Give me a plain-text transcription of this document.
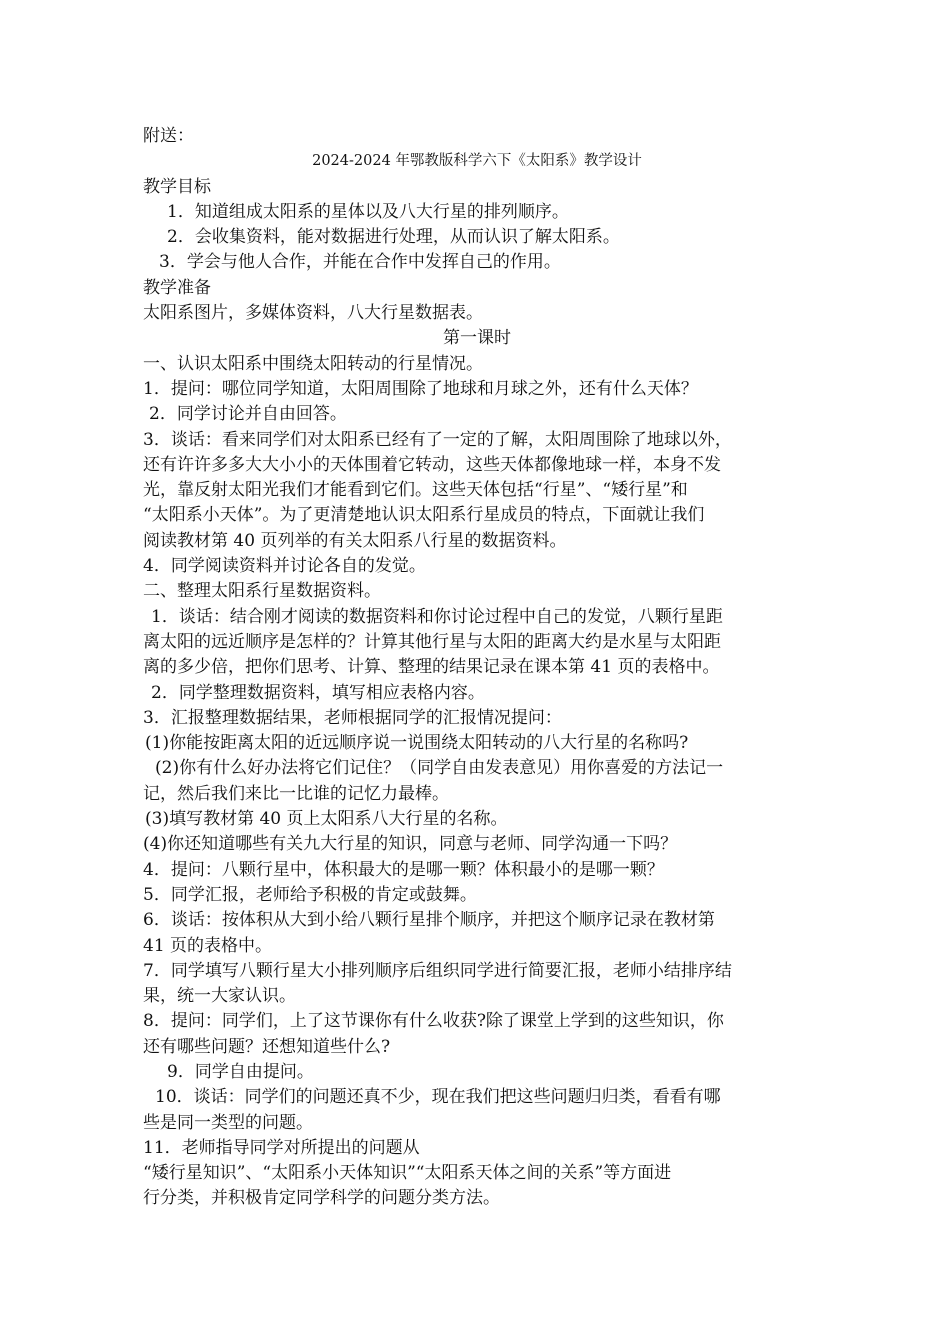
附送：
2024-2024 年鄂教版科学六下《太阳系》教学设计
教学目标
1．知道组成太阳系的星体以及八大行星的排列顺序。
2．会收集资料，能对数据进行处理，从而认识了解太阳系。
3．学会与他人合作，并能在合作中发挥自己的作用。
教学准备
太阳系图片，多媒体资料，八大行星数据表。
第一课时
一、认识太阳系中围绕太阳转动的行星情况。
1．提问：哪位同学知道，太阳周围除了地球和月球之外，还有什么天体？
2．同学讨论并自由回答。
3．谈话：看来同学们对太阳系已经有了一定的了解，太阳周围除了地球以外，
还有许许多多大大小小的天体围着它转动，这些天体都像地球一样，本身不发
光，靠反射太阳光我们才能看到它们。这些天体包括“行星”、“矮行星”和
“太阳系小天体”。为了更清楚地认识太阳系行星成员的特点，下面就让我们
阅读教材第 40 页列举的有关太阳系八行星的数据资料。
4．同学阅读资料并讨论各自的发觉。
二、整理太阳系行星数据资料。
1．谈话：结合刚才阅读的数据资料和你讨论过程中自己的发觉，八颗行星距
离太阳的远近顺序是怎样的？计算其他行星与太阳的距离大约是水星与太阳距
离的多少倍，把你们思考、计算、整理的结果记录在课本第 41 页的表格中。
2．同学整理数据资料，填写相应表格内容。
3．汇报整理数据结果，老师根据同学的汇报情况提问：
(1)你能按距离太阳的近远顺序说一说围绕太阳转动的八大行星的名称吗?
(2)你有什么好办法将它们记住？（同学自由发表意见）用你喜爱的方法记一
记，然后我们来比一比谁的记忆力最棒。
(3)填写教材第 40 页上太阳系八大行星的名称。
(4)你还知道哪些有关九大行星的知识，同意与老师、同学沟通一下吗？
4．提问：八颗行星中，体积最大的是哪一颗？体积最小的是哪一颗？
5．同学汇报，老师给予积极的肯定或鼓舞。
6．谈话：按体积从大到小给八颗行星排个顺序，并把这个顺序记录在教材第
41 页的表格中。
7．同学填写八颗行星大小排列顺序后组织同学进行简要汇报，老师小结排序结
果，统一大家认识。
8．提问：同学们，上了这节课你有什么收获?除了课堂上学到的这些知识，你
还有哪些问题？还想知道些什么?
9．同学自由提问。
10．谈话：同学们的问题还真不少，现在我们把这些问题归归类，看看有哪
些是同一类型的问题。
11．老师指导同学对所提出的问题从
“矮行星知识”、“太阳系小天体知识”“太阳系天体之间的关系”等方面进
行分类，并积极肯定同学科学的问题分类方法。
